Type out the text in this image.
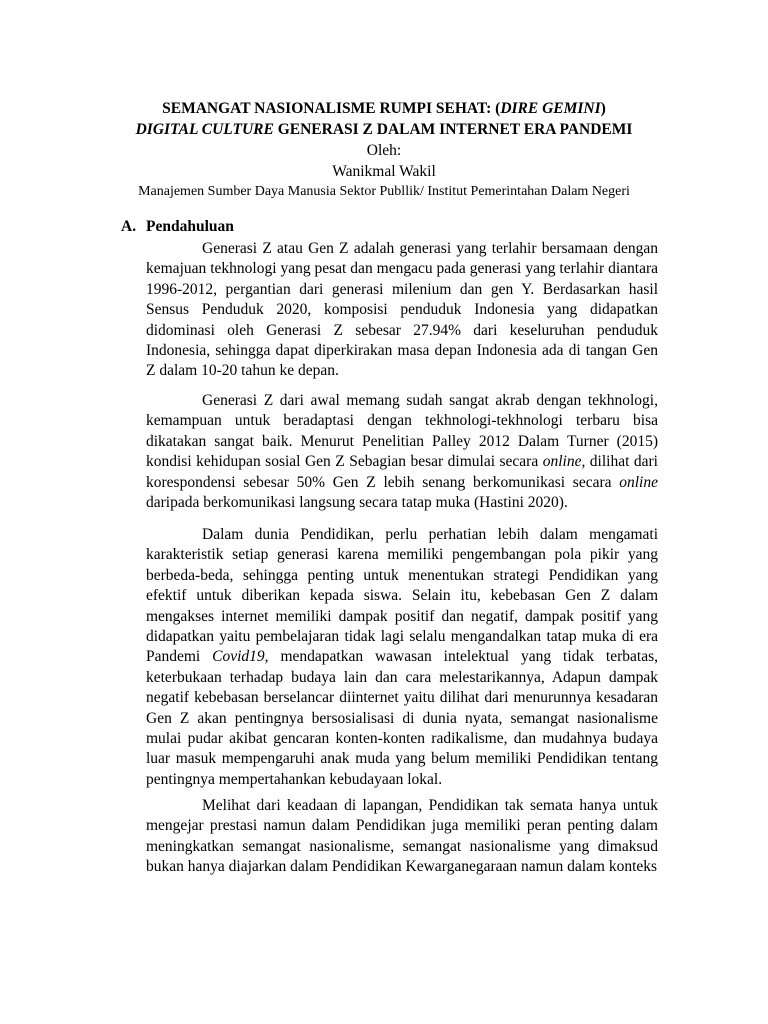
SEMANGAT NASIONALISME RUMPI SEHAT: (DIRE GEMINI)
DIGITAL CULTURE GENERASI Z DALAM INTERNET ERA PANDEMI
Oleh:
Wanikmal Wakil
Manajemen Sumber Daya Manusia Sektor Publlik/ Institut Pemerintahan Dalam Negeri
A. Pendahuluan

Generasi Z atau Gen Z adalah generasi yang terlahir bersamaan dengan kemajuan tekhnologi yang pesat dan mengacu pada generasi yang terlahir diantara 1996-2012, pergantian dari generasi milenium dan gen Y. Berdasarkan hasil Sensus Penduduk 2020, komposisi penduduk Indonesia yang didapatkan didominasi oleh Generasi Z sebesar 27.94% dari keseluruhan penduduk Indonesia, sehingga dapat diperkirakan masa depan Indonesia ada di tangan Gen Z dalam 10-20 tahun ke depan.

Generasi Z dari awal memang sudah sangat akrab dengan tekhnologi, kemampuan untuk beradaptasi dengan tekhnologi-tekhnologi terbaru bisa dikatakan sangat baik. Menurut Penelitian Palley 2012 Dalam Turner (2015) kondisi kehidupan sosial Gen Z Sebagian besar dimulai secara online, dilihat dari korespondensi sebesar 50% Gen Z lebih senang berkomunikasi secara online daripada berkomunikasi langsung secara tatap muka (Hastini 2020).

Dalam dunia Pendidikan, perlu perhatian lebih dalam mengamati karakteristik setiap generasi karena memiliki pengembangan pola pikir yang berbeda-beda, sehingga penting untuk menentukan strategi Pendidikan yang efektif untuk diberikan kepada siswa. Selain itu, kebebasan Gen Z dalam mengakses internet memiliki dampak positif dan negatif, dampak positif yang didapatkan yaitu pembelajaran tidak lagi selalu mengandalkan tatap muka di era Pandemi Covid19, mendapatkan wawasan intelektual yang tidak terbatas, keterbukaan terhadap budaya lain dan cara melestarikannya, Adapun dampak negatif kebebasan berselancar diinternet yaitu dilihat dari menurunnya kesadaran Gen Z akan pentingnya bersosialisasi di dunia nyata, semangat nasionalisme mulai pudar akibat gencaran konten-konten radikalisme, dan mudahnya budaya luar masuk mempengaruhi anak muda yang belum memiliki Pendidikan tentang pentingnya mempertahankan kebudayaan lokal.

Melihat dari keadaan di lapangan, Pendidikan tak semata hanya untuk mengejar prestasi namun dalam Pendidikan juga memiliki peran penting dalam meningkatkan semangat nasionalisme, semangat nasionalisme yang dimaksud bukan hanya diajarkan dalam Pendidikan Kewarganegaraan namun dalam konteks
